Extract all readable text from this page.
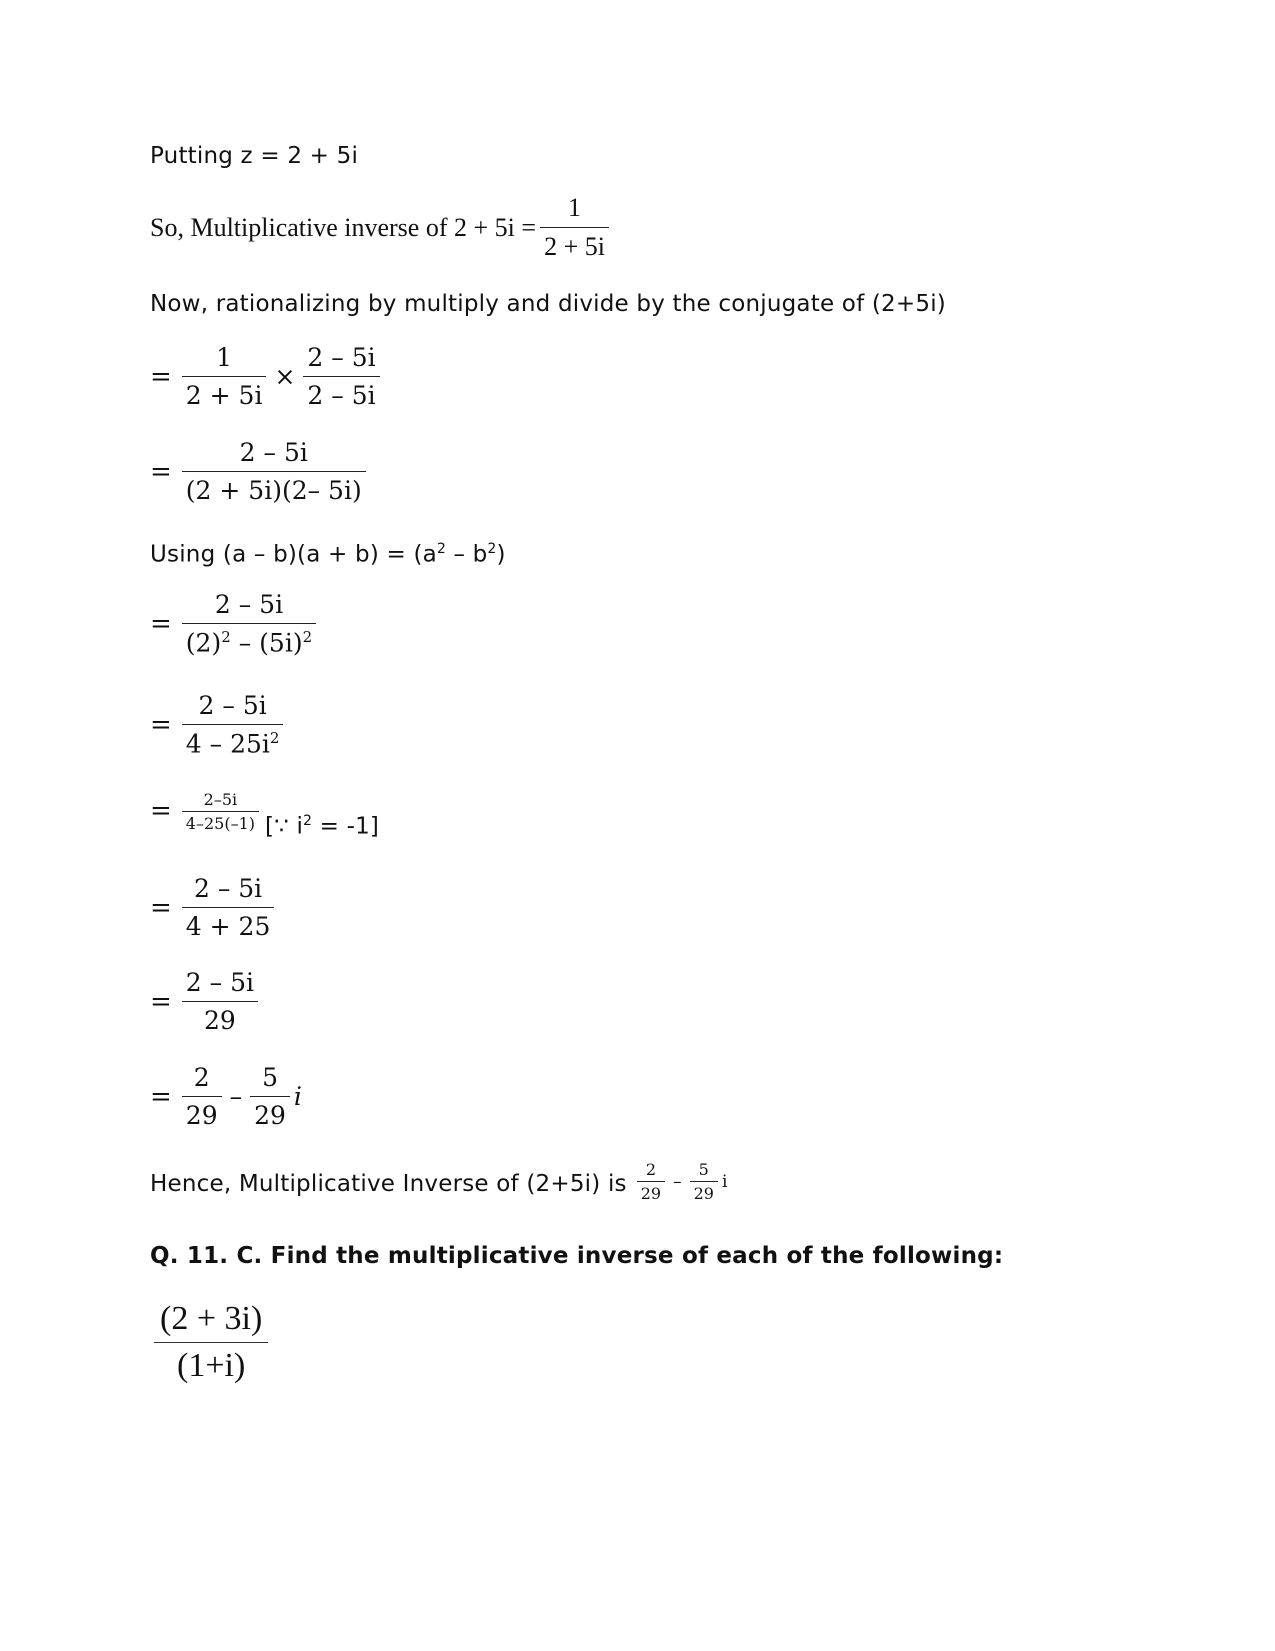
Putting z = 2 + 5i
So, Multiplicative inverse of $2 + 5i = \frac{1}{2 + 5i}$
Now, rationalizing by multiply and divide by the conjugate of (2+5i)
= $\frac{1}{2 + 5i} \times \frac{2 - 5i}{2 - 5i}$
= $\frac{2 - 5i}{(2 + 5i)(2- 5i)}$
Using $(a - b)(a + b) = (a^2 - b^2)$
= $\frac{2 - 5i}{(2)^2 - (5i)^2}$
= $\frac{2 - 5i}{4 - 25i^2}$
= $\frac{2-5i}{4-25(-1)}$ [∵ $i^2 = -1$]
= $\frac{2 - 5i}{4 + 25}$
= $\frac{2 - 5i}{29}$
= $\frac{2}{29} - \frac{5}{29}$ i
Hence, Multiplicative Inverse of (2+5i) is $\frac{2}{29} - \frac{5}{29}$ i
Q. 11. C. Find the multiplicative inverse of each of the following:
$\frac{(2 + 3i)}{(1+i)}$
